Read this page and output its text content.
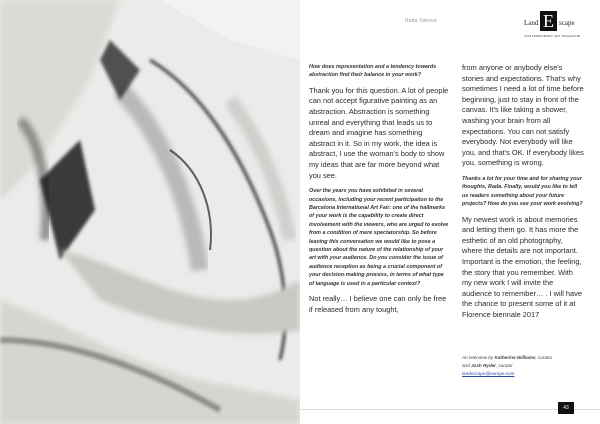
Rada Yakova	Land E scape
CONTEMPORARY ART MAGAZINE

How does representation and a tendency towards abstraction find their balance in your work?

Thank you for this question. A lot of people can not accept figurative painting as an abstraction. Abstraction is something unreal and everything that leads us to dream and imagine has something abstract in it. So in my work, the idea is abstract, I use the woman's body to show my ideas that are far more beyond what you see.

Over the years you have exhibited in several occasions, including your recent participation to the Barcelona International Art Fair: one of the hallmarks of your work is the capability to create direct involvement with the viewers, who are urged to evolve from a condition of mere spectatorship. So before leaving this conversation we would like to pose a question about the nature of the relationship of your art with your audience. Do you consider the issue of audience reception as being a crucial component of your decision-making process, in terms of what type of language is used in a particular context?

Not really… I believe one can only be free if released from any tought,

from anyone or anybody else's stories and expectations. That's why sometimes I need a lot of time before beginning, just to stay in front of the canvas. It's like taking a shower, washing your brain from all expectations. You can not satisfy everybody. Not everybody will like you, and that's OK. If everybody likes you, something is wrong.

Thanks a lot for your time and for sharing your thoughts, Rada. Finally, would you like to tell us readers something about your future projects? How do you see your work evolving?

My newest work is about memories and letting them go. It has more the esthetic of an old photography, where the details are not important. Important is the emotion, the feeling, the story that you remember. With my new work I will invite the audience to remember… . I will have the chance to present some of it at Florence biennale 2017

An interview by Katherine Williams, curator
and Josh Ryder, curator
landescape@europe.com
43
